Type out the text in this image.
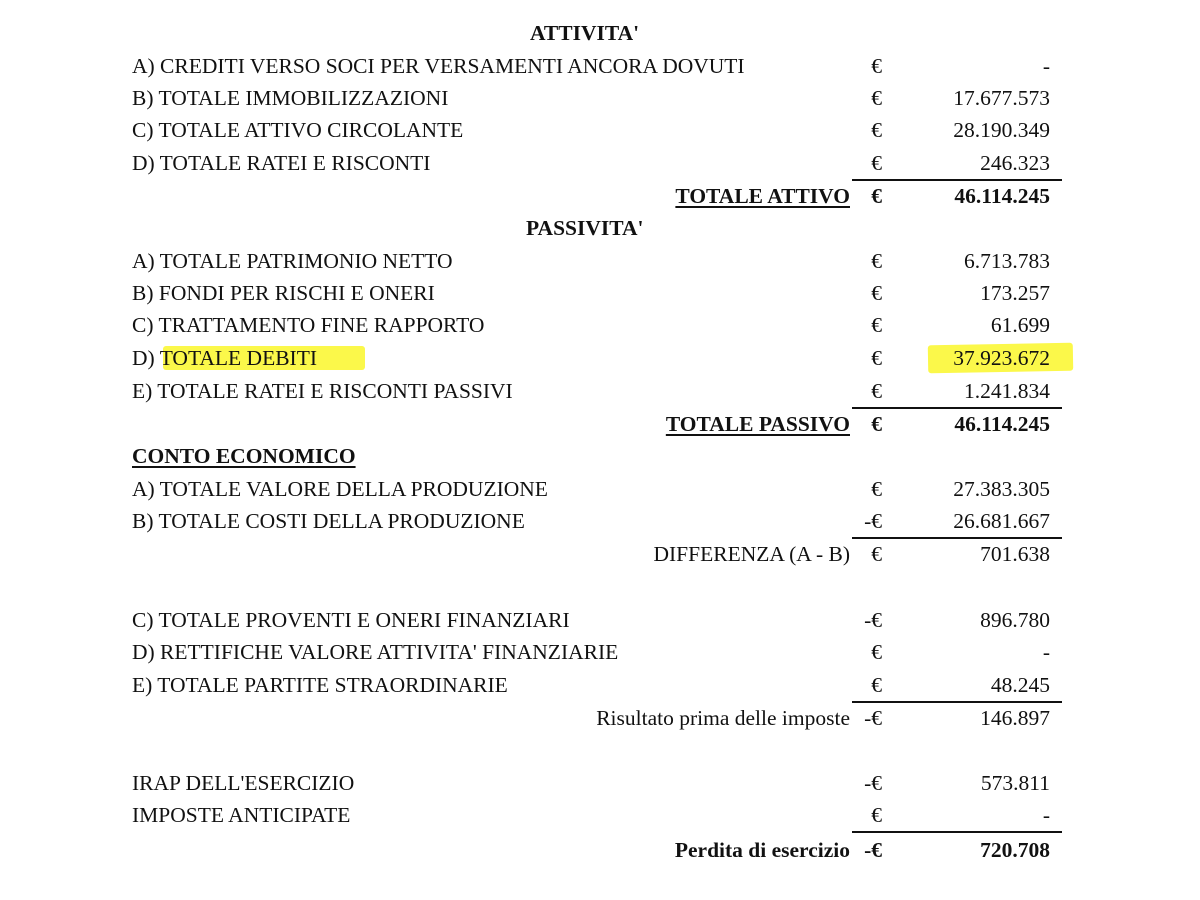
ATTIVITA'
A) CREDITI VERSO SOCI PER VERSAMENTI ANCORA DOVUTI	€	-
B) TOTALE IMMOBILIZZAZIONI	€	17.677.573
C) TOTALE ATTIVO CIRCOLANTE	€	28.190.349
D) TOTALE RATEI E RISCONTI	€	246.323
TOTALE ATTIVO €	46.114.245
PASSIVITA'
A) TOTALE PATRIMONIO NETTO	€	6.713.783
B) FONDI PER RISCHI E ONERI	€	173.257
C) TRATTAMENTO FINE RAPPORTO	€	61.699
D) TOTALE DEBITI	€	37.923.672
E) TOTALE RATEI E RISCONTI PASSIVI	€	1.241.834
TOTALE PASSIVO €	46.114.245
CONTO ECONOMICO
A) TOTALE VALORE DELLA PRODUZIONE	€	27.383.305
B) TOTALE COSTI DELLA PRODUZIONE	-€	26.681.667
DIFFERENZA (A - B) €	701.638
C) TOTALE PROVENTI E ONERI FINANZIARI	-€	896.780
D) RETTIFICHE VALORE ATTIVITA' FINANZIARIE	€	-
E) TOTALE PARTITE STRAORDINARIE	€	48.245
Risultato prima delle imposte -€	146.897
IRAP DELL'ESERCIZIO	-€	573.811
IMPOSTE ANTICIPATE	€	-
Perdita di esercizio -€	720.708
